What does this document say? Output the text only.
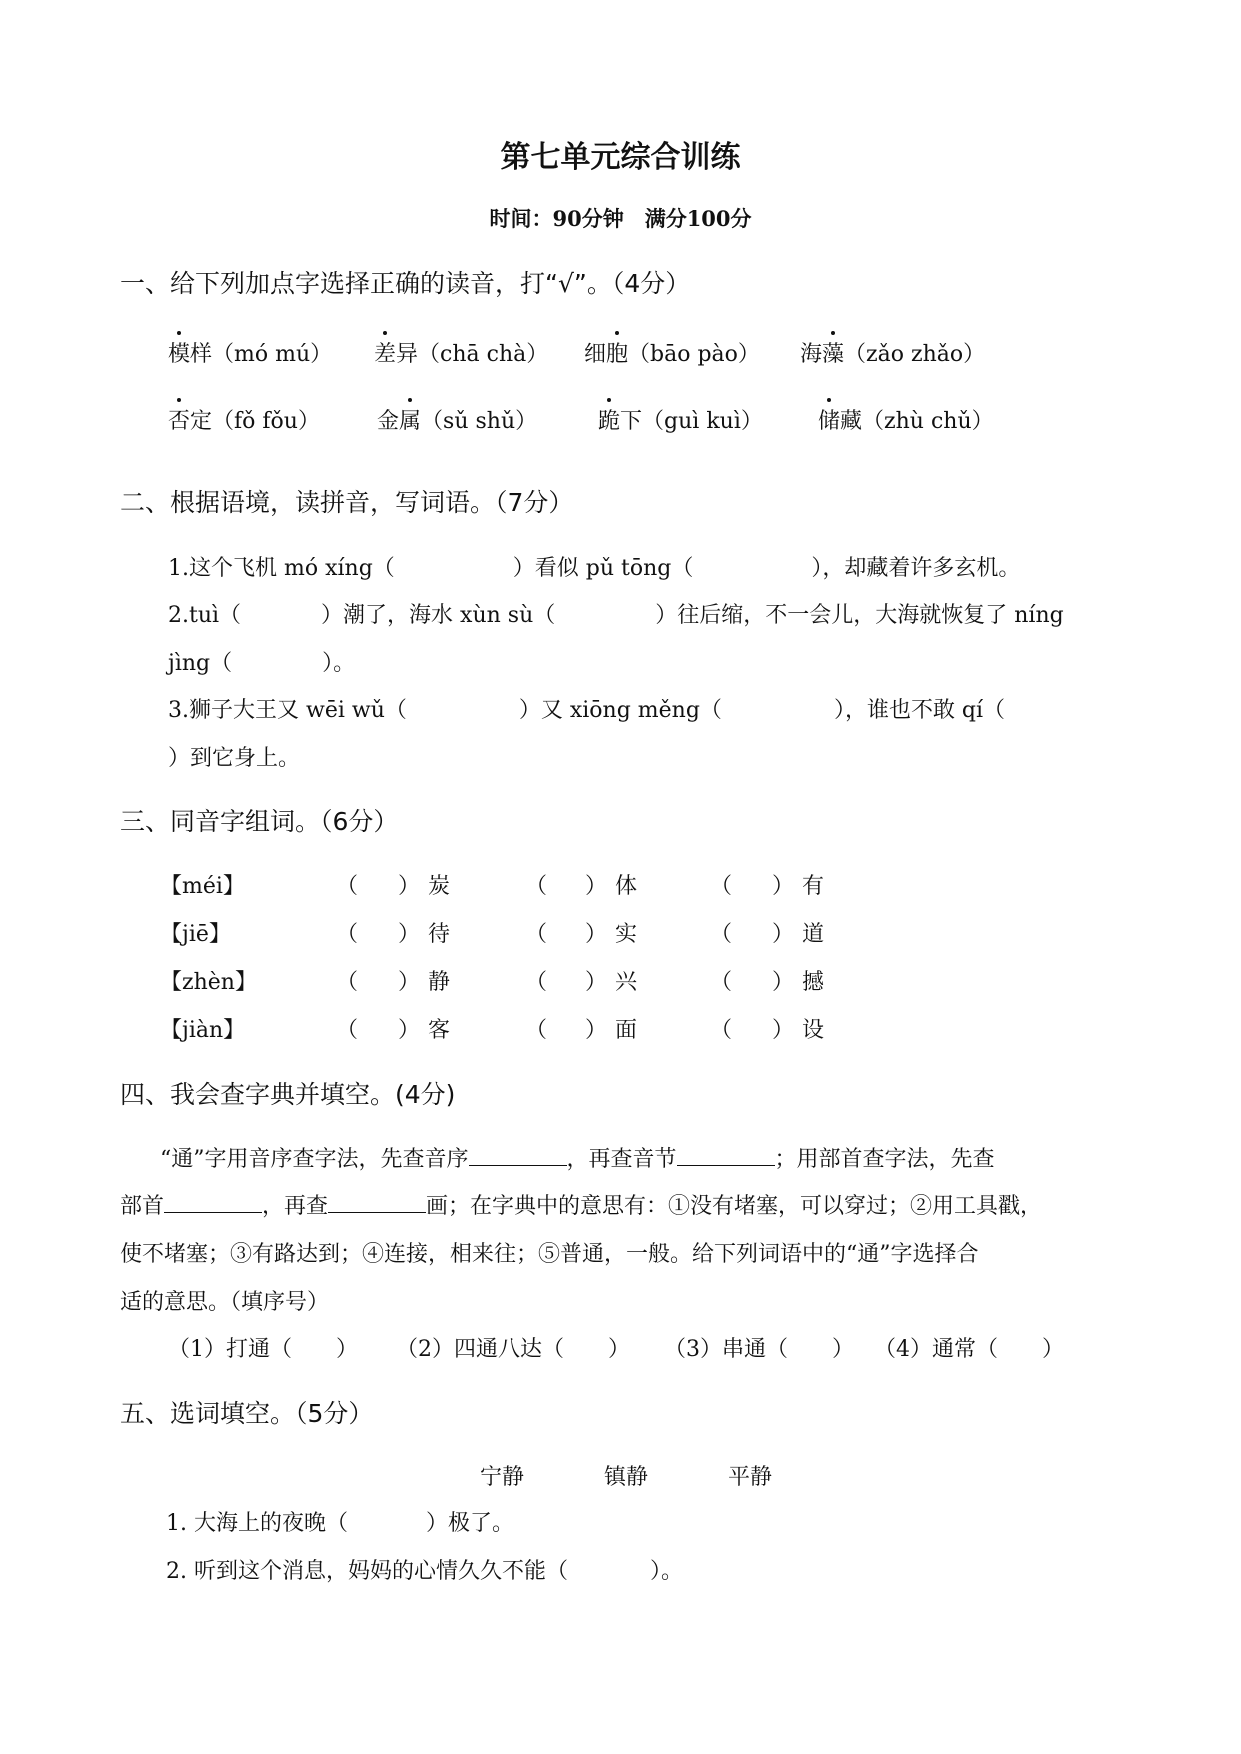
第七单元综合训练
时间：90分钟　满分100分
一、给下列加点字选择正确的读音，打“√”。（4分）
模样（mó mú） 差异（chā chà） 细胞（bāo pào） 海藻（zǎo zhǎo）
否定（fǒ fǒu）	金属（sǔ shǔ）	跪下（guì kuì）	储藏（zhù chǔ）
二、根据语境，读拼音，写词语。（7分）
1.这个飞机 mó xíng（	）看似 pǔ tōng（	），却藏着许多玄机。
2.tuì（	）潮了，海水 xùn sù（	）往后缩，不一会儿，大海就恢复了 níng
jìng（	）。
3.狮子大王又 wēi wǔ（	）又 xiōng měng（	），谁也不敢 qí（
）到它身上。
三、同音字组词。（6分）
【méi】	（ ） 炭	（ ） 体	（ ） 有
【jiē】	（ ） 待	（ ） 实	（ ） 道
【zhèn】	（ ） 静	（ ） 兴	（ ） 撼
【jiàn】	（ ） 客	（ ） 面	（ ） 设
四、我会查字典并填空。(4分)
“通”字用音序查字法，先查音序	，再查音节	；用部首查字法，先查
部首	，再查	画；在字典中的意思有：①没有堵塞，可以穿过；②用工具戳，
使不堵塞；③有路达到；④连接，相来往；⑤普通，一般。给下列词语中的“通”字选择合
适的意思。（填序号）
（1）打通（　　） （2）四通八达（　　） （3）串通（　　） （4）通常（　　）
五、选词填空。（5分）
宁静	镇静	平静
1. 大海上的夜晚（	）极了。
2. 听到这个消息，妈妈的心情久久不能（	）。
